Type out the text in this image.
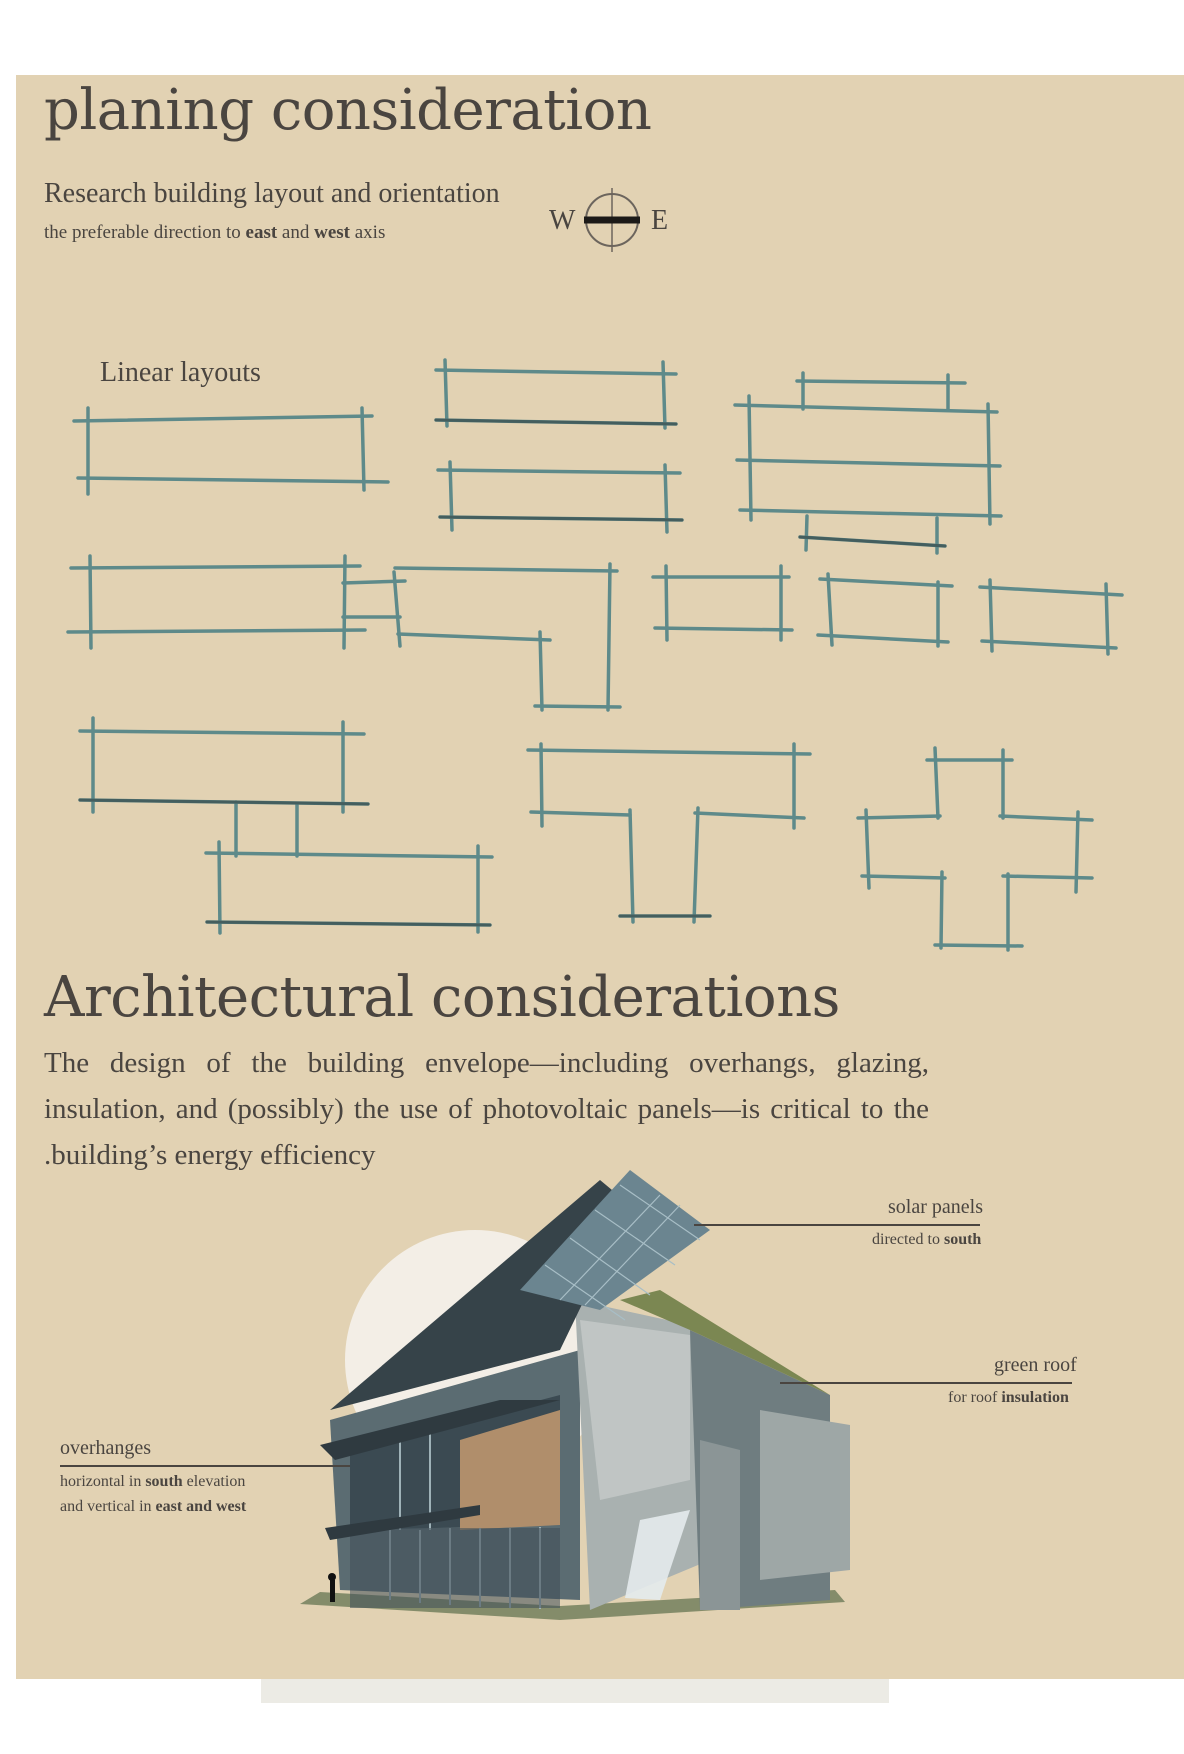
planing consideration
Research building layout and orientation
the preferable direction to east and west axis	W	E
Linear layouts
Architectural considerations
The design of the building envelope—including overhangs, glazing, insulation, and (possibly) the use of photovoltaic panels—is critical to the .building’s energy efficiency
solar panels
directed to south
green roof
for roof insulation
overhanges
horizontal in south elevation
and vertical in east and west
